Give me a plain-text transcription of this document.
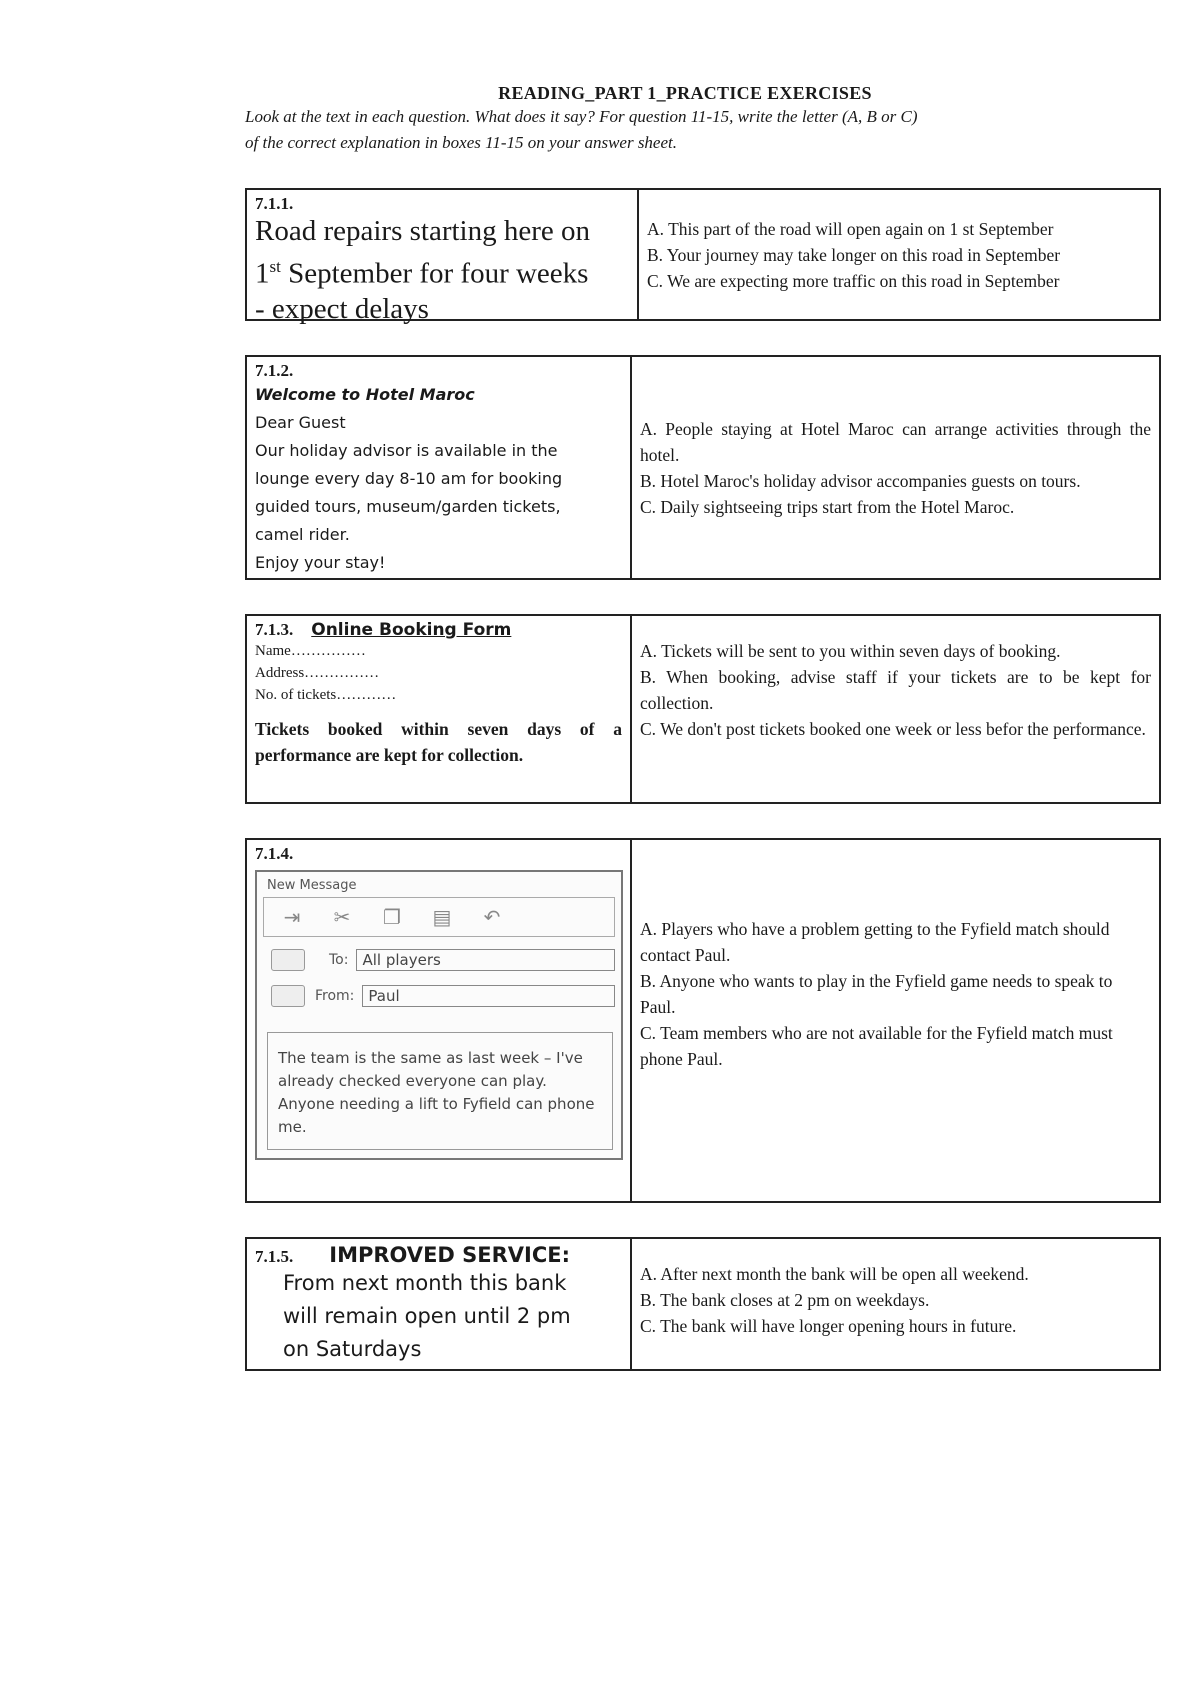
READING_PART 1_PRACTICE EXERCISES

Look at the text in each question. What does it say? For question 11-15, write the letter (A, B or C)

of the correct explanation in boxes 11-15 on your answer sheet.

7.1.1.
Road repairs starting here on
1st September for four weeks
- expect delays
A. This part of the road will open again on 1 st September
B. Your journey may take longer on this road in September
C. We are expecting more traffic on this road in September
7.1.2.
Welcome to Hotel Maroc
Dear Guest
Our holiday advisor is available in the
lounge every day 8-10 am for booking
guided tours, museum/garden tickets,
camel rider.
Enjoy your stay!
A. People staying at Hotel Maroc can arrange activities through the hotel.
B. Hotel Maroc's holiday advisor accompanies guests on tours.
C. Daily sightseeing trips start from the Hotel Maroc.
7.1.3. Online Booking Form
Name……………
Address……………
No. of tickets…………
Tickets booked within seven days of a performance are kept for collection.
A. Tickets will be sent to you within seven days of booking.
B. When booking, advise staff if your tickets are to be kept for collection.
C. We don't post tickets booked one week or less befor the performance.
7.1.4.
New Message
⇥ ✂ ❐ ▤ ↶
To: All players
From: Paul
The team is the same as last week – I've already checked everyone can play. Anyone needing a lift to Fyfield can phone me.
A. Players who have a problem getting to the Fyfield match should contact Paul.
B. Anyone who wants to play in the Fyfield game needs to speak to Paul.
C. Team members who are not available for the Fyfield match must phone Paul.
7.1.5. IMPROVED SERVICE:
From next month this bank
will remain open until 2 pm
on Saturdays
A. After next month the bank will be open all weekend.
B. The bank closes at 2 pm on weekdays.
C. The bank will have longer opening hours in future.
